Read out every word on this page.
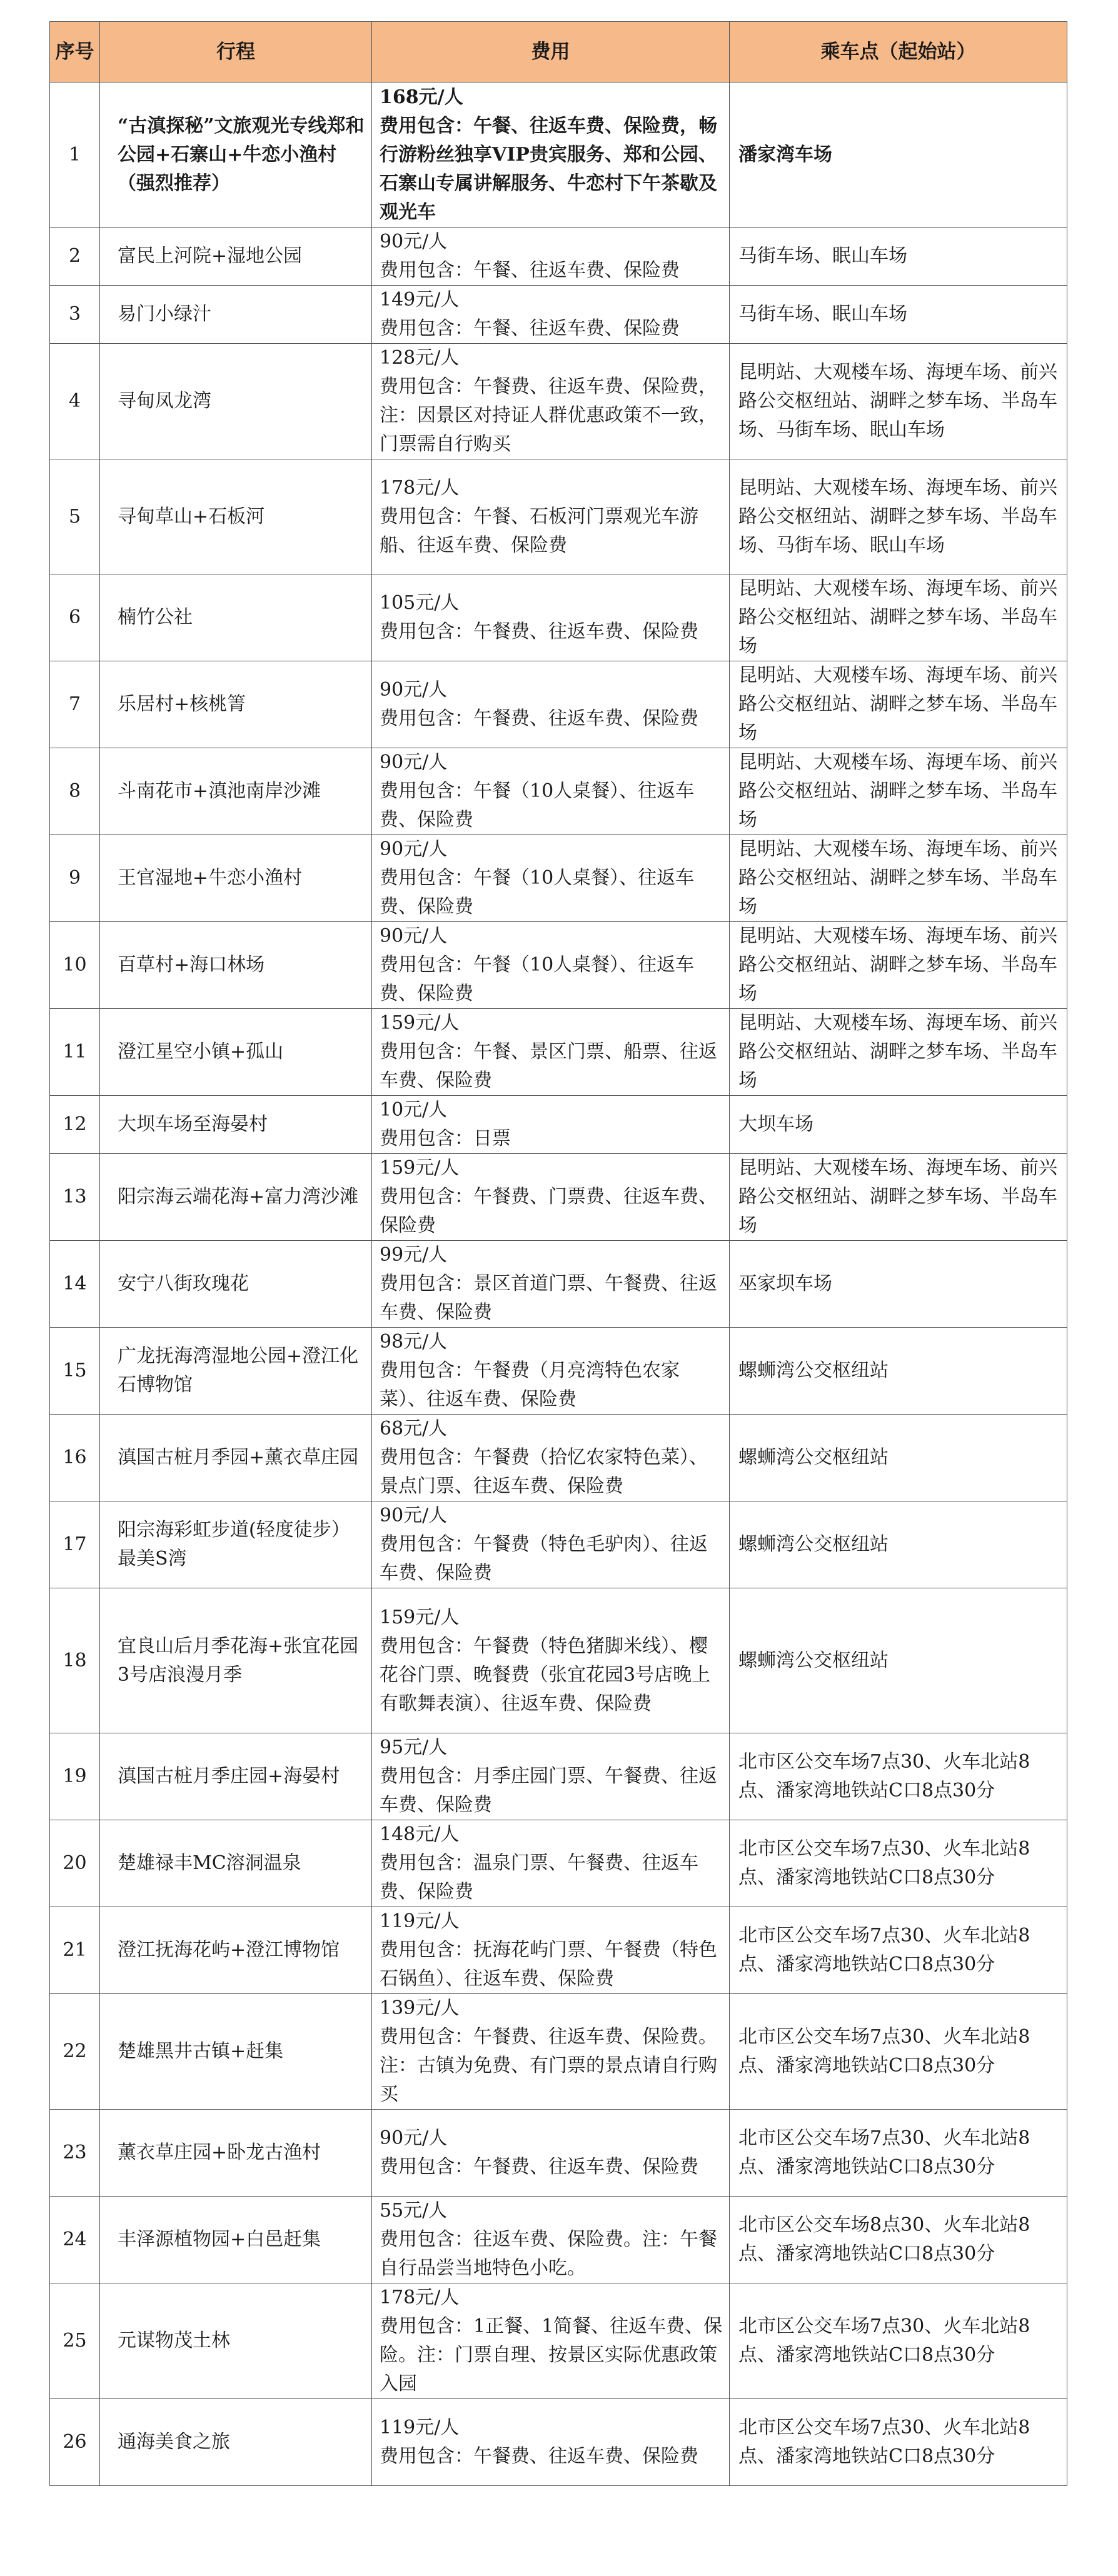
序号	行程	费用	乘车点（起始站）
1	“古滇探秘”文旅观光专线郑和公园+石寨山+牛恋小渔村（强烈推荐）	168元/人
费用包含：午餐、往返车费、保险费，畅行游粉丝独享VIP贵宾服务、郑和公园、石寨山专属讲解服务、牛恋村下午茶歇及观光车	潘家湾车场
2	富民上河院+湿地公园	90元/人
费用包含：午餐、往返车费、保险费	马街车场、眠山车场
3	易门小绿汁	149元/人
费用包含：午餐、往返车费、保险费	马街车场、眠山车场
4	寻甸凤龙湾	128元/人
费用包含：午餐费、往返车费、保险费，注：因景区对持证人群优惠政策不一致，门票需自行购买	昆明站、大观楼车场、海埂车场、前兴路公交枢纽站、湖畔之梦车场、半岛车场、马街车场、眠山车场
5	寻甸草山+石板河	178元/人
费用包含：午餐、石板河门票观光车游船、往返车费、保险费	昆明站、大观楼车场、海埂车场、前兴路公交枢纽站、湖畔之梦车场、半岛车场、马街车场、眠山车场
6	楠竹公社	105元/人
费用包含：午餐费、往返车费、保险费	昆明站、大观楼车场、海埂车场、前兴路公交枢纽站、湖畔之梦车场、半岛车场
7	乐居村+核桃箐	90元/人
费用包含：午餐费、往返车费、保险费	昆明站、大观楼车场、海埂车场、前兴路公交枢纽站、湖畔之梦车场、半岛车场
8	斗南花市+滇池南岸沙滩	90元/人
费用包含：午餐（10人桌餐）、往返车费、保险费	昆明站、大观楼车场、海埂车场、前兴路公交枢纽站、湖畔之梦车场、半岛车场
9	王官湿地+牛恋小渔村	90元/人
费用包含：午餐（10人桌餐）、往返车费、保险费	昆明站、大观楼车场、海埂车场、前兴路公交枢纽站、湖畔之梦车场、半岛车场
10	百草村+海口林场	90元/人
费用包含：午餐（10人桌餐）、往返车费、保险费	昆明站、大观楼车场、海埂车场、前兴路公交枢纽站、湖畔之梦车场、半岛车场
11	澄江星空小镇+孤山	159元/人
费用包含：午餐、景区门票、船票、往返车费、保险费	昆明站、大观楼车场、海埂车场、前兴路公交枢纽站、湖畔之梦车场、半岛车场
12	大坝车场至海晏村	10元/人
费用包含：日票	大坝车场
13	阳宗海云端花海+富力湾沙滩	159元/人
费用包含：午餐费、门票费、往返车费、保险费	昆明站、大观楼车场、海埂车场、前兴路公交枢纽站、湖畔之梦车场、半岛车场
14	安宁八街玫瑰花	99元/人
费用包含：景区首道门票、午餐费、往返车费、保险费	巫家坝车场
15	广龙抚海湾湿地公园+澄江化石博物馆	98元/人
费用包含：午餐费（月亮湾特色农家菜）、往返车费、保险费	螺蛳湾公交枢纽站
16	滇国古桩月季园+薰衣草庄园	68元/人
费用包含：午餐费（拾忆农家特色菜）、景点门票、往返车费、保险费	螺蛳湾公交枢纽站
17	阳宗海彩虹步道(轻度徒步）最美S湾	90元/人
费用包含：午餐费（特色毛驴肉）、往返车费、保险费	螺蛳湾公交枢纽站
18	宜良山后月季花海+张宜花园3号店浪漫月季	159元/人
费用包含：午餐费（特色猪脚米线）、樱花谷门票、晚餐费（张宜花园3号店晚上有歌舞表演）、往返车费、保险费	螺蛳湾公交枢纽站
19	滇国古桩月季庄园+海晏村	95元/人
费用包含：月季庄园门票、午餐费、往返车费、保险费	北市区公交车场7点30、火车北站8点、潘家湾地铁站C口8点30分
20	楚雄禄丰MC溶洞温泉	148元/人
费用包含：温泉门票、午餐费、往返车费、保险费	北市区公交车场7点30、火车北站8点、潘家湾地铁站C口8点30分
21	澄江抚海花屿+澄江博物馆	119元/人
费用包含：抚海花屿门票、午餐费（特色石锅鱼）、往返车费、保险费	北市区公交车场7点30、火车北站8点、潘家湾地铁站C口8点30分
22	楚雄黑井古镇+赶集	139元/人
费用包含：午餐费、往返车费、保险费。注：古镇为免费、有门票的景点请自行购买	北市区公交车场7点30、火车北站8点、潘家湾地铁站C口8点30分
23	薰衣草庄园+卧龙古渔村	90元/人
费用包含：午餐费、往返车费、保险费	北市区公交车场7点30、火车北站8点、潘家湾地铁站C口8点30分
24	丰泽源植物园+白邑赶集	55元/人
费用包含：往返车费、保险费。注：午餐自行品尝当地特色小吃。	北市区公交车场8点30、火车北站8点、潘家湾地铁站C口8点30分
25	元谋物茂土林	178元/人
费用包含：1正餐、1简餐、往返车费、保险。注：门票自理、按景区实际优惠政策入园	北市区公交车场7点30、火车北站8点、潘家湾地铁站C口8点30分
26	通海美食之旅	119元/人
费用包含：午餐费、往返车费、保险费	北市区公交车场7点30、火车北站8点、潘家湾地铁站C口8点30分
